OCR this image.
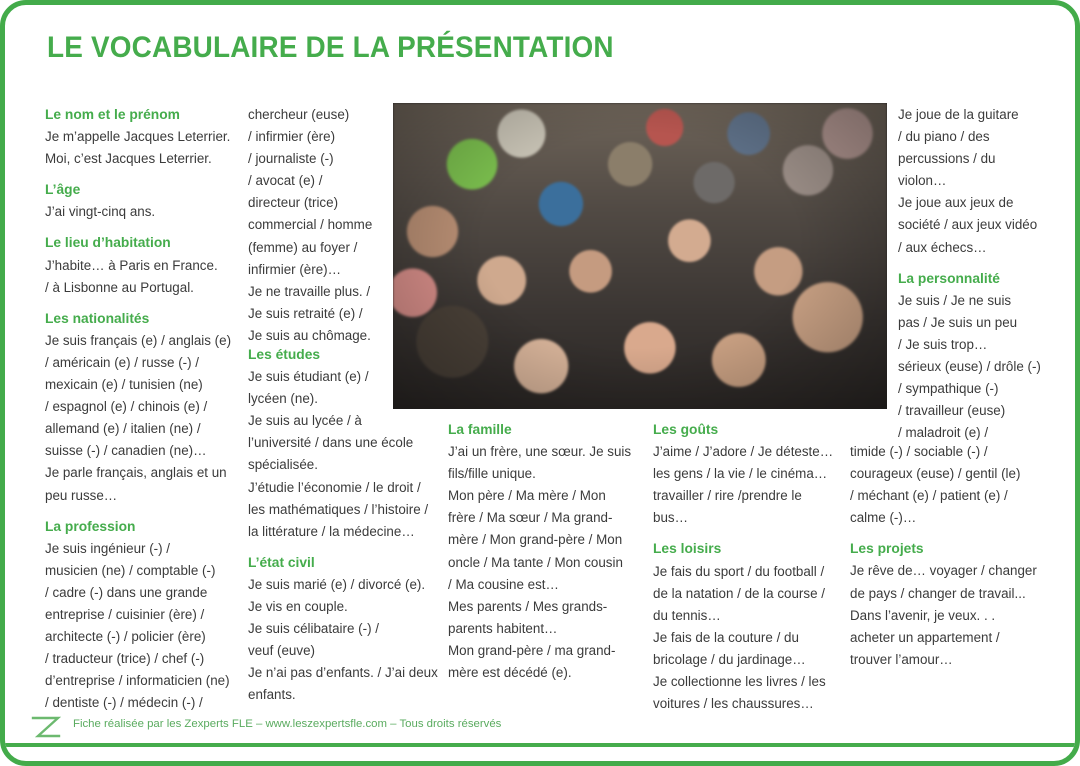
LE VOCABULAIRE DE LA PRÉSENTATION
Le nom et le prénom
Je m’appelle Jacques Leterrier.
Moi, c’est Jacques Leterrier.
L’âge
J’ai vingt-cinq ans.
Le lieu d’habitation
J’habite… à Paris en France.
/ à Lisbonne au Portugal.
Les nationalités
Je suis français (e) / anglais (e)
/ américain (e) / russe (-) /
mexicain (e) / tunisien (ne)
/ espagnol (e) / chinois (e) /
allemand (e) / italien (ne) /
suisse (-) / canadien (ne)…
Je parle français, anglais et un
peu russe…
La profession
Je suis ingénieur (-) /
musicien (ne) / comptable (-)
/ cadre (-) dans une grande
entreprise / cuisinier (ère) /
architecte (-) / policier (ère)
/ traducteur (trice) / chef (-)
d’entreprise / informaticien (ne)
/ dentiste (-) / médecin (-) /
chercheur (euse)
/ infirmier (ère)
/ journaliste (-)
/ avocat (e) /
directeur (trice)
commercial / homme
(femme) au foyer /
infirmier (ère)…
Je ne travaille plus. /
Je suis retraité (e) /
Je suis au chômage.
Les études
Je suis étudiant (e) /
lycéen (ne).
Je suis au lycée / à
l’université / dans une école
spécialisée.
J’étudie l’économie / le droit /
les mathématiques / l’histoire /
la littérature / la médecine…
L’état civil
Je suis marié (e) / divorcé (e).
Je vis en couple.
Je suis célibataire (-) /
veuf (euve)
Je n’ai pas d’enfants. / J’ai deux
enfants.
La famille
J’ai un frère, une sœur. Je suis
fils/fille unique.
Mon père / Ma mère / Mon
frère / Ma sœur / Ma grand-
mère / Mon grand-père / Mon
oncle / Ma tante / Mon cousin
/ Ma cousine est…
Mes parents / Mes grands-
parents habitent…
Mon grand-père / ma grand-
mère est décédé (e).
Les goûts
J’aime / J’adore / Je déteste…
les gens / la vie / le cinéma…
travailler / rire /prendre le
bus…
Les loisirs
Je fais du sport / du football /
de la natation / de la course /
du tennis…
Je fais de la couture / du
bricolage / du jardinage…
Je collectionne les livres / les
voitures / les chaussures…
Je joue de la guitare
/ du piano / des
percussions / du
violon…
Je joue aux jeux de
société / aux jeux vidéo
/ aux échecs…
La personnalité
Je suis / Je ne suis
pas / Je suis un peu
/ Je suis trop…
sérieux (euse) / drôle (-)
/ sympathique (-)
/ travailleur (euse)
/ maladroit (e) /
timide (-) / sociable (-) /
courageux (euse) / gentil (le)
/ méchant (e) / patient (e) /
calme (-)…
Les projets
Je rêve de… voyager / changer
de pays / changer de travail...
Dans l’avenir, je veux. . .
acheter un appartement /
trouver l’amour…
Fiche réalisée par les Zexperts FLE – www.leszexpertsfle.com – Tous droits réservés
